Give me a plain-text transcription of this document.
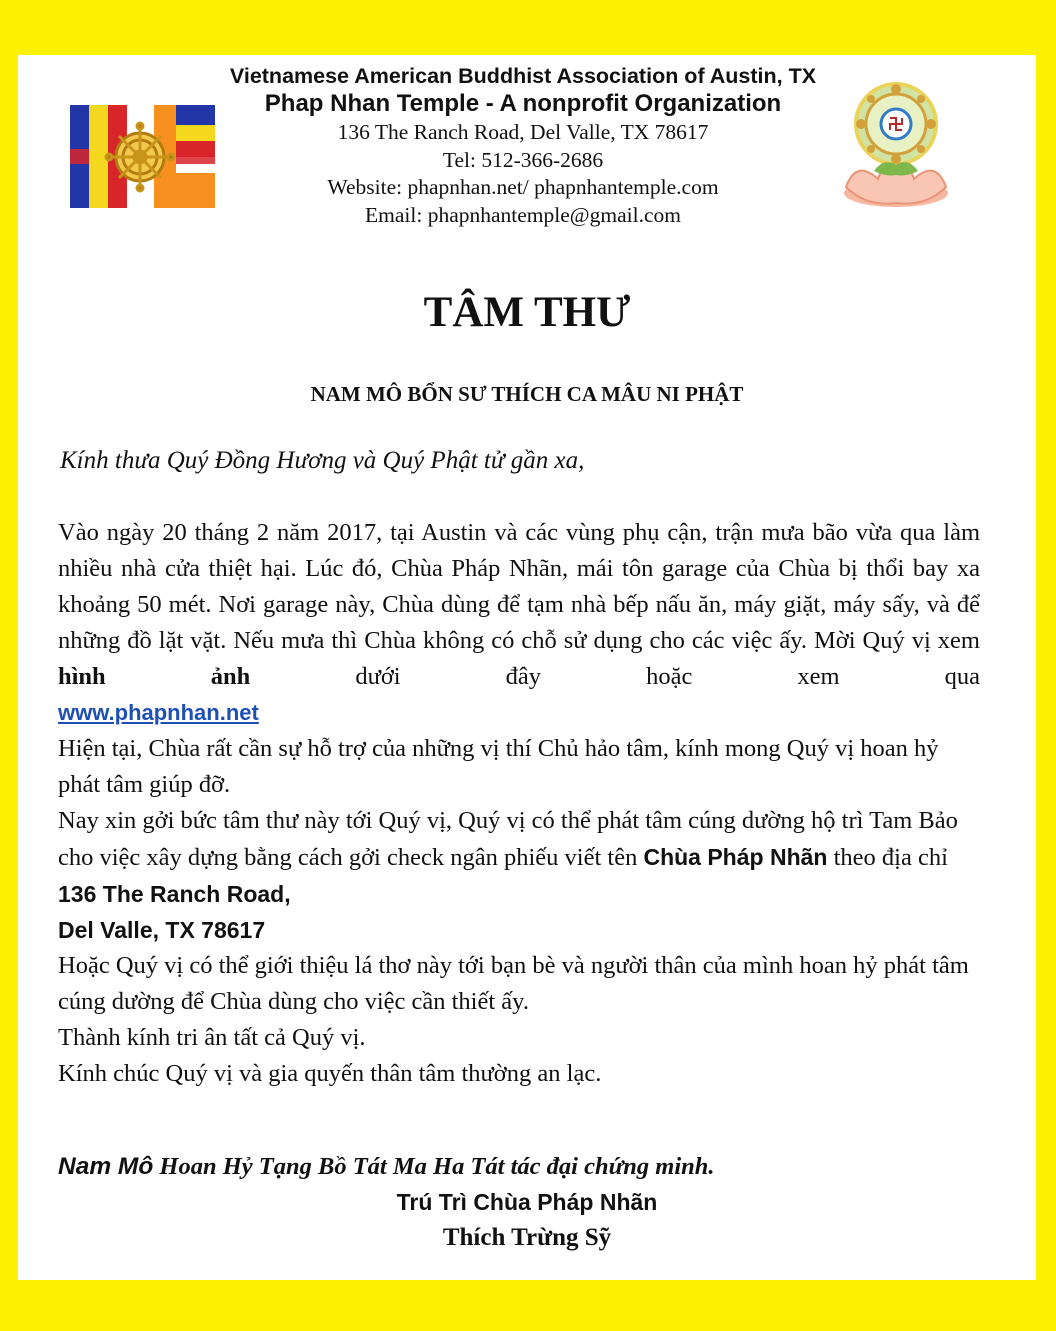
Vietnamese American Buddhist Association of Austin, TX
Phap Nhan Temple - A nonprofit Organization
136 The Ranch Road, Del Valle, TX 78617
Tel: 512-366-2686
Website: phapnhan.net/ phapnhantemple.com
Email: phapnhantemple@gmail.com
TÂM THƯ
NAM MÔ BỔN SƯ THÍCH CA MÂU NI PHẬT
Kính thưa Quý Đồng Hương và Quý Phật tử gần xa,

Vào ngày 20 tháng 2 năm 2017, tại Austin và các vùng phụ cận, trận mưa bão vừa qua làm nhiều nhà cửa thiệt hại. Lúc đó, Chùa Pháp Nhãn, mái tôn garage của Chùa bị thổi bay xa khoảng 50 mét. Nơi garage này, Chùa dùng để tạm nhà bếp nấu ăn, máy giặt, máy sấy, và để những đồ lặt vặt. Nếu mưa thì Chùa không có chỗ sử dụng cho các việc ấy. Mời Quý vị xem hình ảnh	dưới đây hoặc xem qua

www.phapnhan.net

Hiện tại, Chùa rất cần sự hỗ trợ của những vị thí Chủ hảo tâm, kính mong Quý vị hoan hỷ phát tâm giúp đỡ.

Nay xin gởi bức tâm thư này tới Quý vị, Quý vị có thể phát tâm cúng dường hộ trì Tam Bảo cho việc xây dựng bằng cách gởi check ngân phiếu viết tên Chùa Pháp Nhãn theo địa chỉ

136 The Ranch Road,

Del Valle, TX 78617

Hoặc Quý vị có thể giới thiệu lá thơ này tới bạn bè và người thân của mình hoan hỷ phát tâm cúng dường để Chùa dùng cho việc cần thiết ấy.

Thành kính tri ân tất cả Quý vị.

Kính chúc Quý vị và gia quyến thân tâm thường an lạc.

Nam Mô Hoan Hỷ Tạng Bồ Tát Ma Ha Tát tác đại chứng minh.
Trú Trì Chùa Pháp Nhãn
Thích Trừng Sỹ
